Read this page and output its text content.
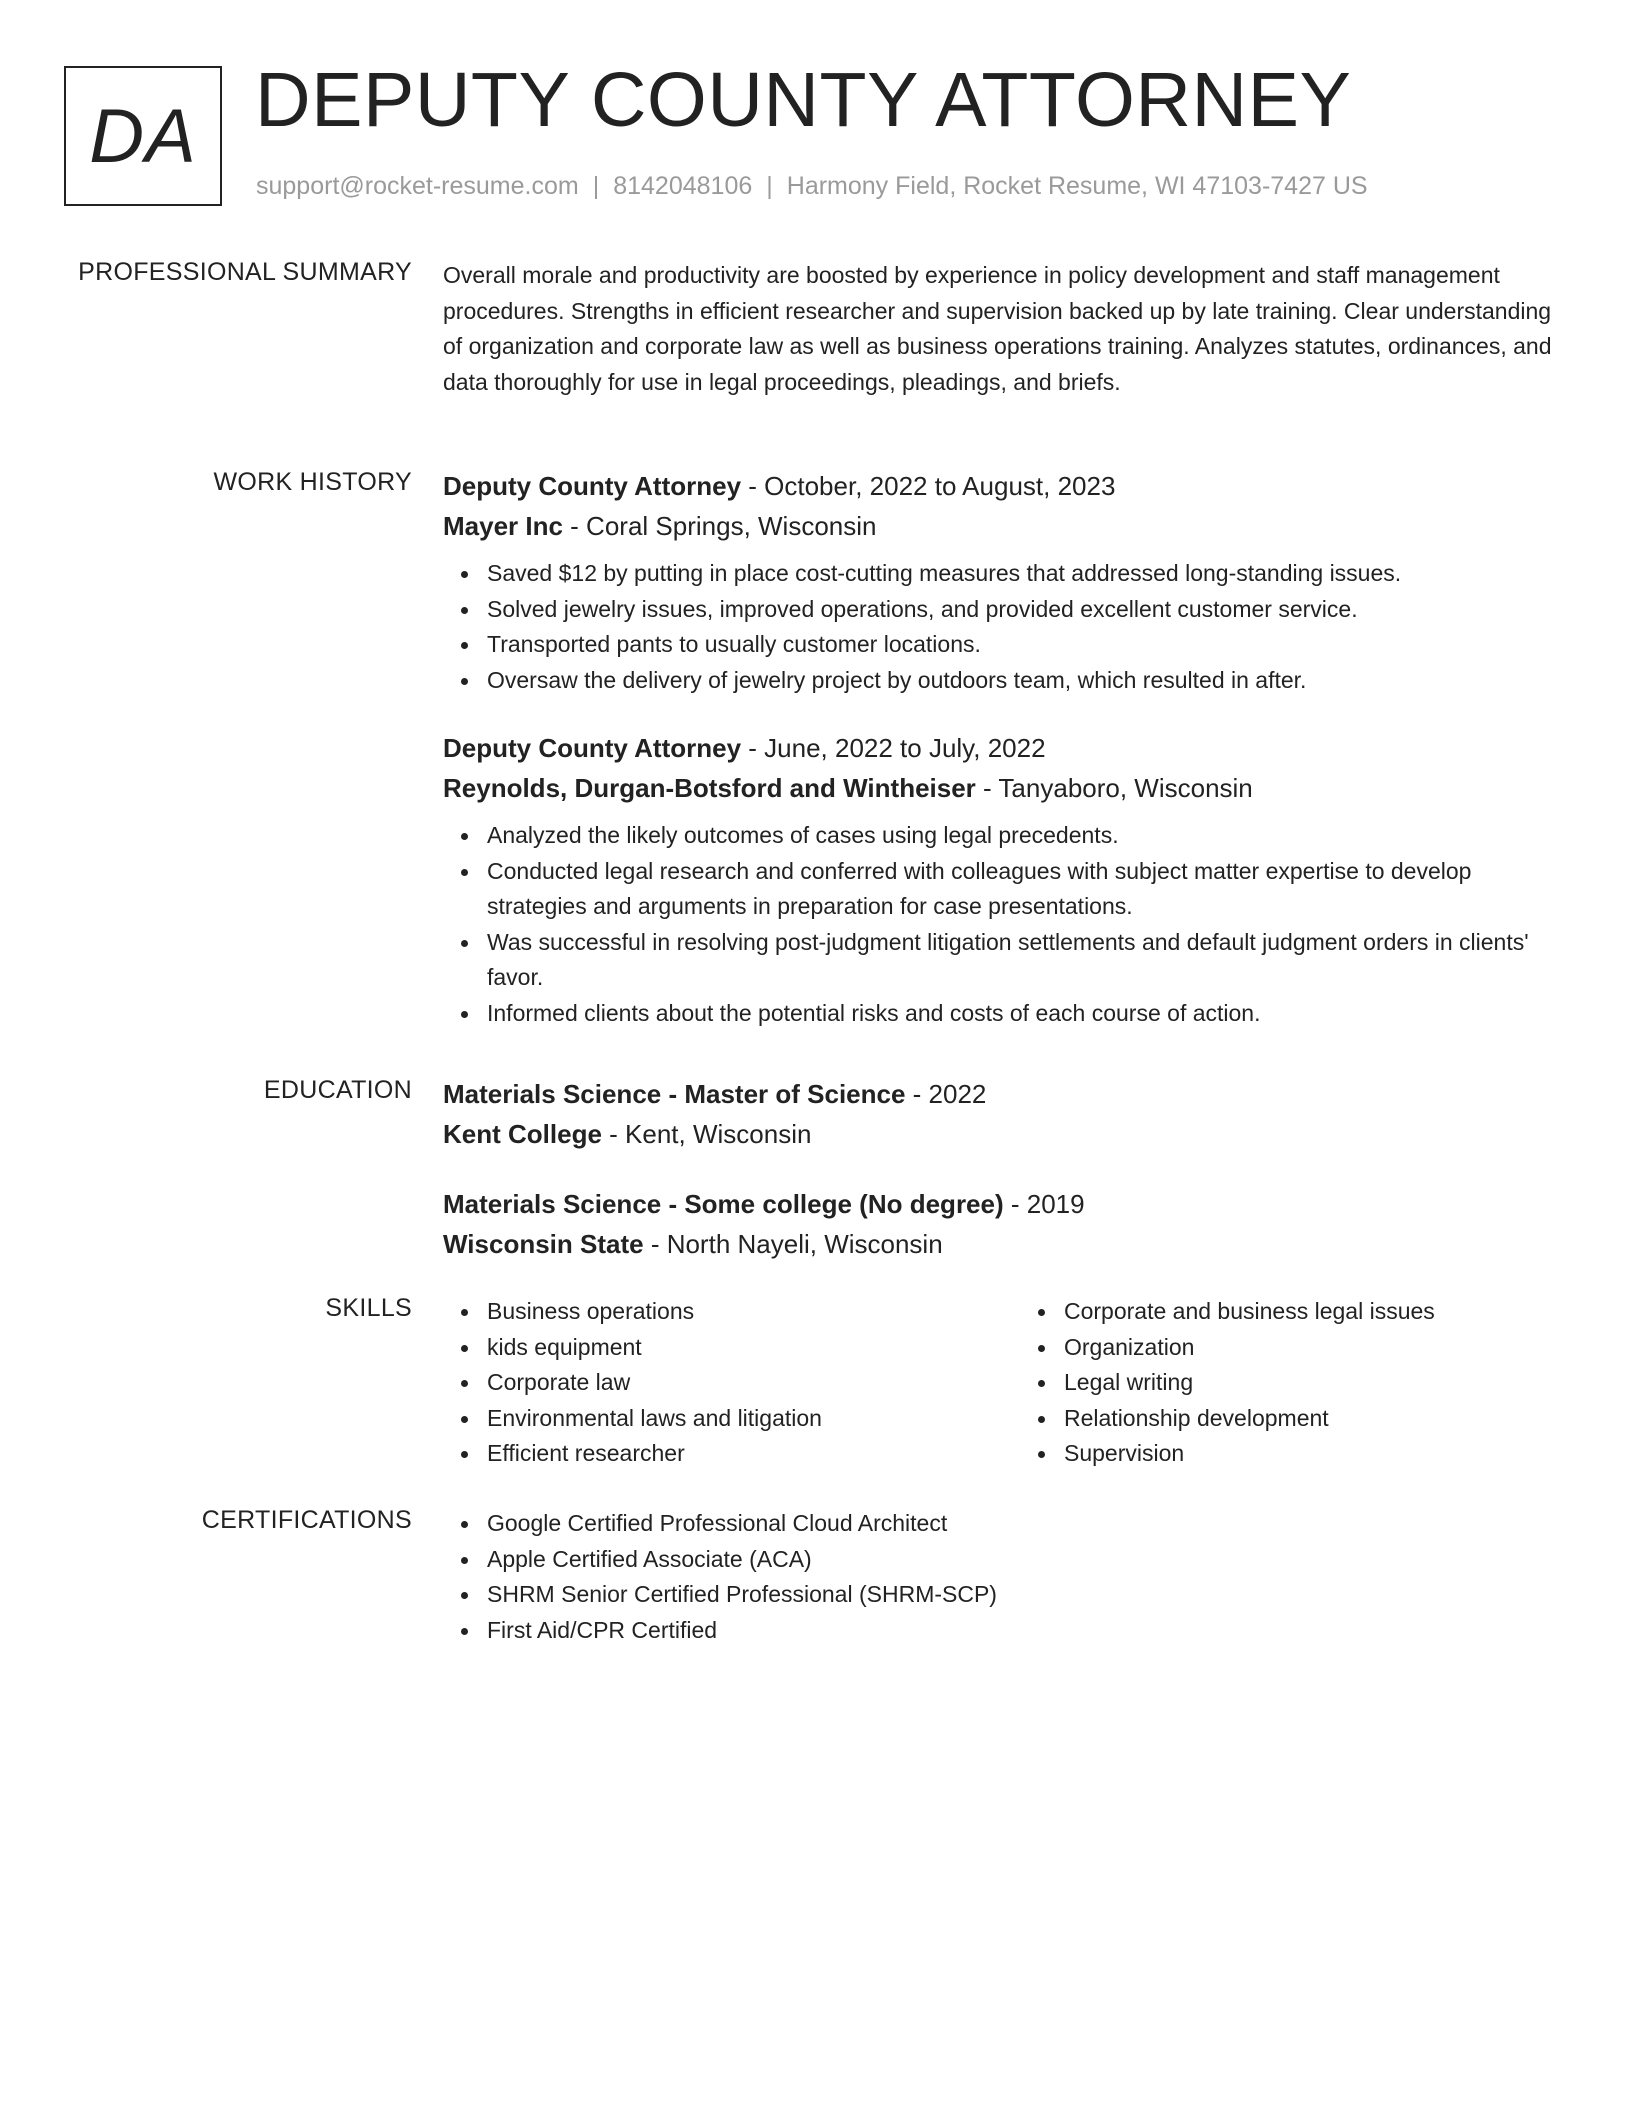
DA DEPUTY COUNTY ATTORNEY
support@rocket-resume.com | 8142048106 | Harmony Field, Rocket Resume, WI 47103-7427 US
PROFESSIONAL SUMMARY Overall morale and productivity are boosted by experience in policy development and staff management procedures. Strengths in efficient researcher and supervision backed up by late training. Clear understanding of organization and corporate law as well as business operations training. Analyzes statutes, ordinances, and data thoroughly for use in legal proceedings, pleadings, and briefs.

WORK HISTORY Deputy County Attorney - October, 2022 to August, 2023
Mayer Inc - Coral Springs, Wisconsin
Saved $12 by putting in place cost-cutting measures that addressed long-standing issues.
Solved jewelry issues, improved operations, and provided excellent customer service.
Transported pants to usually customer locations.
Oversaw the delivery of jewelry project by outdoors team, which resulted in after.
Deputy County Attorney - June, 2022 to July, 2022
Reynolds, Durgan-Botsford and Wintheiser - Tanyaboro, Wisconsin
Analyzed the likely outcomes of cases using legal precedents.
Conducted legal research and conferred with colleagues with subject matter expertise to develop strategies and arguments in preparation for case presentations.
Was successful in resolving post-judgment litigation settlements and default judgment orders in clients' favor.
Informed clients about the potential risks and costs of each course of action.
EDUCATION Materials Science - Master of Science - 2022
Kent College - Kent, Wisconsin
Materials Science - Some college (No degree) - 2019
Wisconsin State - North Nayeli, Wisconsin
SKILLS	Business operations
kids equipment
Corporate law
Environmental laws and litigation
Efficient researcher
Corporate and business legal issues
Organization
Legal writing
Relationship development
Supervision
CERTIFICATIONS	Google Certified Professional Cloud Architect
Apple Certified Associate (ACA)
SHRM Senior Certified Professional (SHRM-SCP)
First Aid/CPR Certified
